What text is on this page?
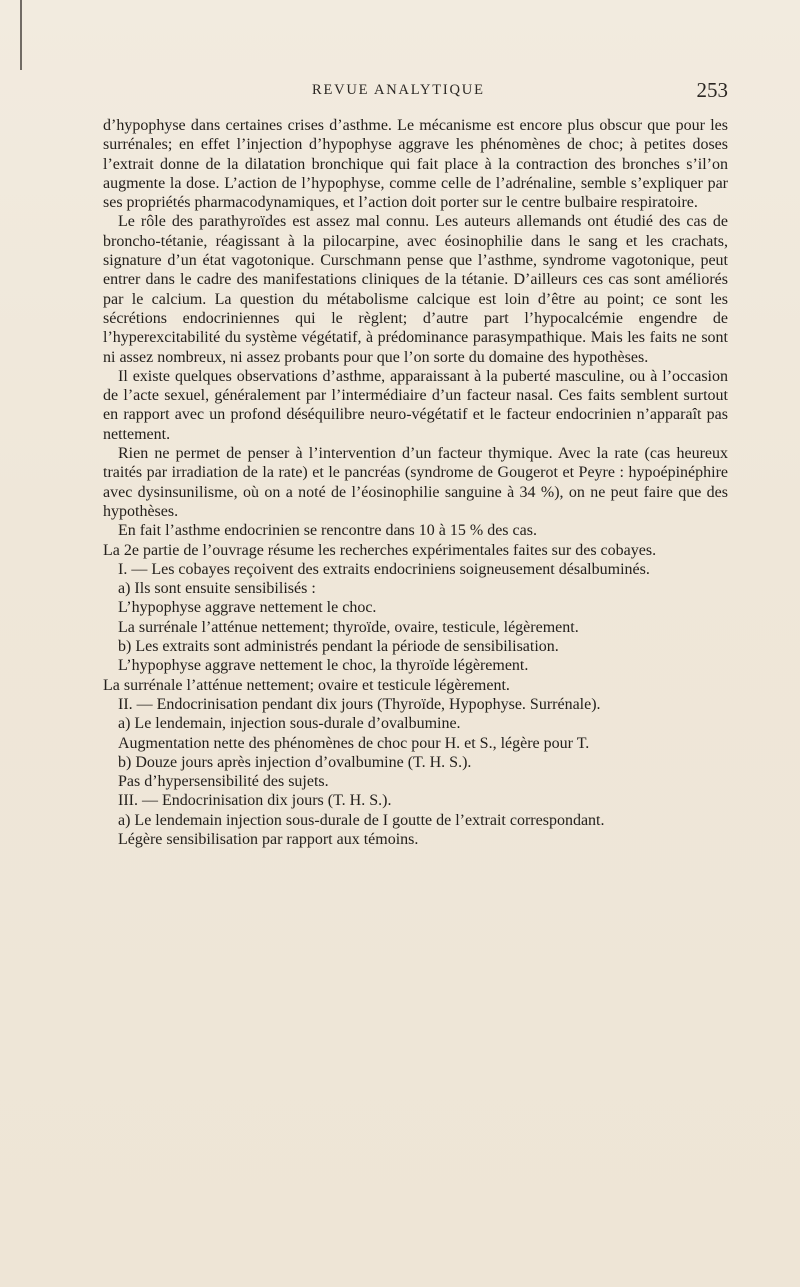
REVUE ANALYTIQUE	253

d’hypophyse dans certaines crises d’asthme. Le mécanisme est encore plus obscur que pour les surrénales; en effet l’injection d’hypophyse aggrave les phénomènes de choc; à petites doses l’extrait donne de la dilatation bronchique qui fait place à la contraction des bronches s’il’on augmente la dose. L’action de l’hypophyse, comme celle de l’adrénaline, semble s’expliquer par ses propriétés pharmacodynamiques, et l’action doit porter sur le centre bulbaire respiratoire.

Le rôle des parathyroïdes est assez mal connu. Les auteurs allemands ont étudié des cas de broncho-tétanie, réagissant à la pilocarpine, avec éosinophilie dans le sang et les crachats, signature d’un état vagotonique. Curschmann pense que l’asthme, syndrome vagotonique, peut entrer dans le cadre des manifestations cliniques de la tétanie. D’ailleurs ces cas sont améliorés par le calcium. La question du métabolisme calcique est loin d’être au point; ce sont les sécrétions endocriniennes qui le règlent; d’autre part l’hypocalcémie engendre de l’hyperexcitabilité du système végétatif, à prédominance parasympathique. Mais les faits ne sont ni assez nombreux, ni assez probants pour que l’on sorte du domaine des hypothèses.

Il existe quelques observations d’asthme, apparaissant à la puberté masculine, ou à l’occasion de l’acte sexuel, généralement par l’intermédiaire d’un facteur nasal. Ces faits semblent surtout en rapport avec un profond déséquilibre neuro-végétatif et le facteur endocrinien n’apparaît pas nettement.

Rien ne permet de penser à l’intervention d’un facteur thymique. Avec la rate (cas heureux traités par irradiation de la rate) et le pancréas (syndrome de Gougerot et Peyre : hypoépinéphire avec dysinsunilisme, où on a noté de l’éosinophilie sanguine à 34 %), on ne peut faire que des hypothèses.

En fait l’asthme endocrinien se rencontre dans 10 à 15 % des cas.

La 2e partie de l’ouvrage résume les recherches expérimentales faites sur des cobayes.

I. — Les cobayes reçoivent des extraits endocriniens soigneusement désalbuminés.

a) Ils sont ensuite sensibilisés :

L’hypophyse aggrave nettement le choc.

La surrénale l’atténue nettement; thyroïde, ovaire, testicule, légèrement.

b) Les extraits sont administrés pendant la période de sensibilisation.

L’hypophyse aggrave nettement le choc, la thyroïde légèrement.

La surrénale l’atténue nettement; ovaire et testicule légèrement.

II. — Endocrinisation pendant dix jours (Thyroïde, Hypophyse. Surrénale).

a) Le lendemain, injection sous-durale d’ovalbumine.

Augmentation nette des phénomènes de choc pour H. et S., légère pour T.

b) Douze jours après injection d’ovalbumine (T. H. S.).

Pas d’hypersensibilité des sujets.

III. — Endocrinisation dix jours (T. H. S.).

a) Le lendemain injection sous-durale de I goutte de l’extrait correspondant.

Légère sensibilisation par rapport aux témoins.
